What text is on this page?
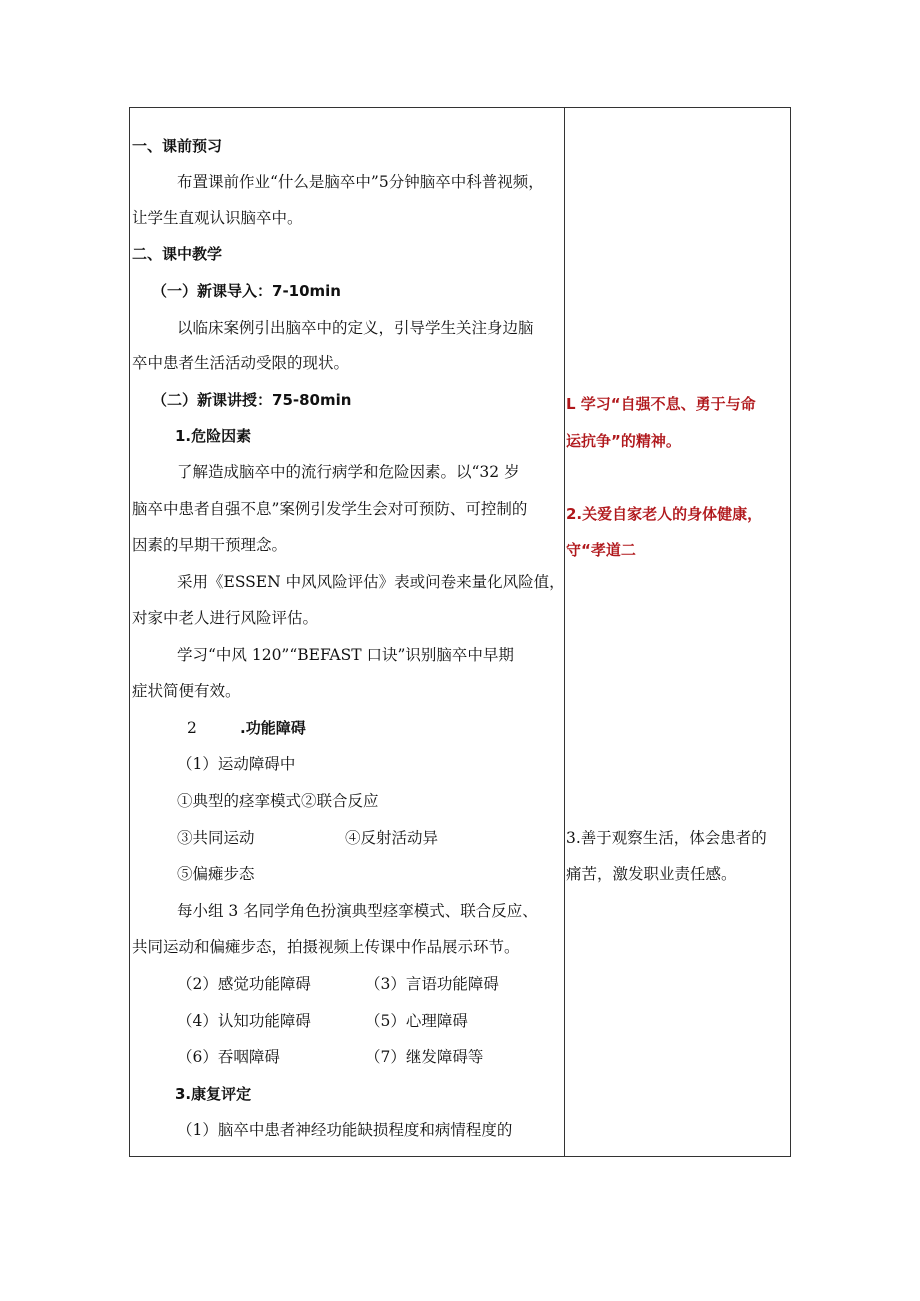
一、课前预习
布置课前作业“什么是脑卒中”5分钟脑卒中科普视频，
让学生直观认识脑卒中。
二、课中教学
（一）新课导入：7-10min
以临床案例引出脑卒中的定义，引导学生关注身边脑
卒中患者生活活动受限的现状。
（二）新课讲授：75-80min
1.危险因素
了解造成脑卒中的流行病学和危险因素。以“32 岁
脑卒中患者自强不息”案例引发学生会对可预防、可控制的
因素的早期干预理念。
采用《ESSEN 中风风险评估》表或问卷来量化风险值，
对家中老人进行风险评估。
学习“中风 120”“BEFAST 口诀”识别脑卒中早期
症状简便有效。
2	.功能障碍
（1）运动障碍中
①典型的痉挛模式②联合反应
③共同运动	④反射活动异
⑤偏瘫步态
每小组 3 名同学角色扮演典型痉挛模式、联合反应、
共同运动和偏瘫步态，拍摄视频上传课中作品展示环节。
（2）感觉功能障碍	（3）言语功能障碍
（4）认知功能障碍	（5）心理障碍
（6）吞咽障碍	（7）继发障碍等
3.康复评定
（1）脑卒中患者神经功能缺损程度和病情程度的
L 学习“自强不息、勇于与命
运抗争”的精神。
2.关爱自家老人的身体健康，
守“孝道二
3.善于观察生活，体会患者的
痛苦，激发职业责任感。
